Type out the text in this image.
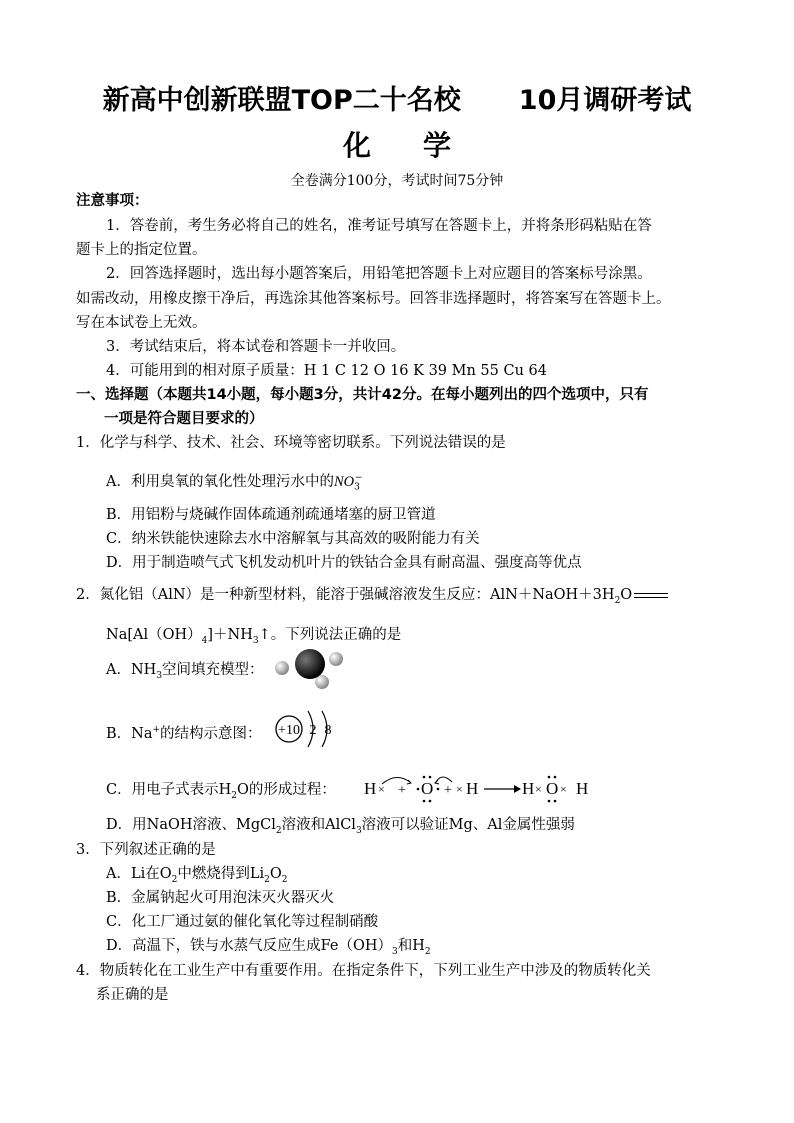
新高中创新联盟TOP二十名校 10月调研考试
化学
全卷满分100分，考试时间75分钟
注意事项：
1．答卷前，考生务必将自己的姓名，准考证号填写在答题卡上，并将条形码粘贴在答
题卡上的指定位置。
2．回答选择题时，选出每小题答案后，用铅笔把答题卡上对应题目的答案标号涂黑。
如需改动，用橡皮擦干净后，再选涂其他答案标号。回答非选择题时，将答案写在答题卡上。
写在本试卷上无效。
3．考试结束后，将本试卷和答题卡一并收回。
4．可能用到的相对原子质量：H 1 C 12 O 16 K 39 Mn 55 Cu 64
一、选择题（本题共14小题，每小题3分，共计42分。在每小题列出的四个选项中，只有
一项是符合题目要求的）
1．化学与科学、技术、社会、环境等密切联系。下列说法错误的是
A．利用臭氧的氧化性处理污水中的$NO_3^-$
B．用铝粉与烧碱作固体疏通剂疏通堵塞的厨卫管道
C．纳米铁能快速除去水中溶解氧与其高效的吸附能力有关
D．用于制造喷气式飞机发动机叶片的铁钴合金具有耐高温、强度高等优点
2．氮化铝（AlN）是一种新型材料，能溶于强碱溶液发生反应：$AlN+NaOH+3H_2O$
$Na[Al(OH)_4]+NH_3↑$。下列说法正确的是
A．$NH_3$空间填充模型：
B．Na+的结构示意图：	+10 2 8
C．用电子式表示$H_2O$的形成过程：	H × + O + × H	H × O × H
D．用NaOH溶液、MgCl$_2$溶液和AlCl$_3$溶液可以验证Mg、Al金属性强弱
3．下列叙述正确的是
A．Li在$O_2$中燃烧得到$Li_2O_2$
B．金属钠起火可用泡沫灭火器灭火
C．化工厂通过氨的催化氧化等过程制硝酸
D．高温下，铁与水蒸气反应生成$Fe(OH)_3$和$H_2$
4．物质转化在工业生产中有重要作用。在指定条件下，下列工业生产中涉及的物质转化关
系正确的是
